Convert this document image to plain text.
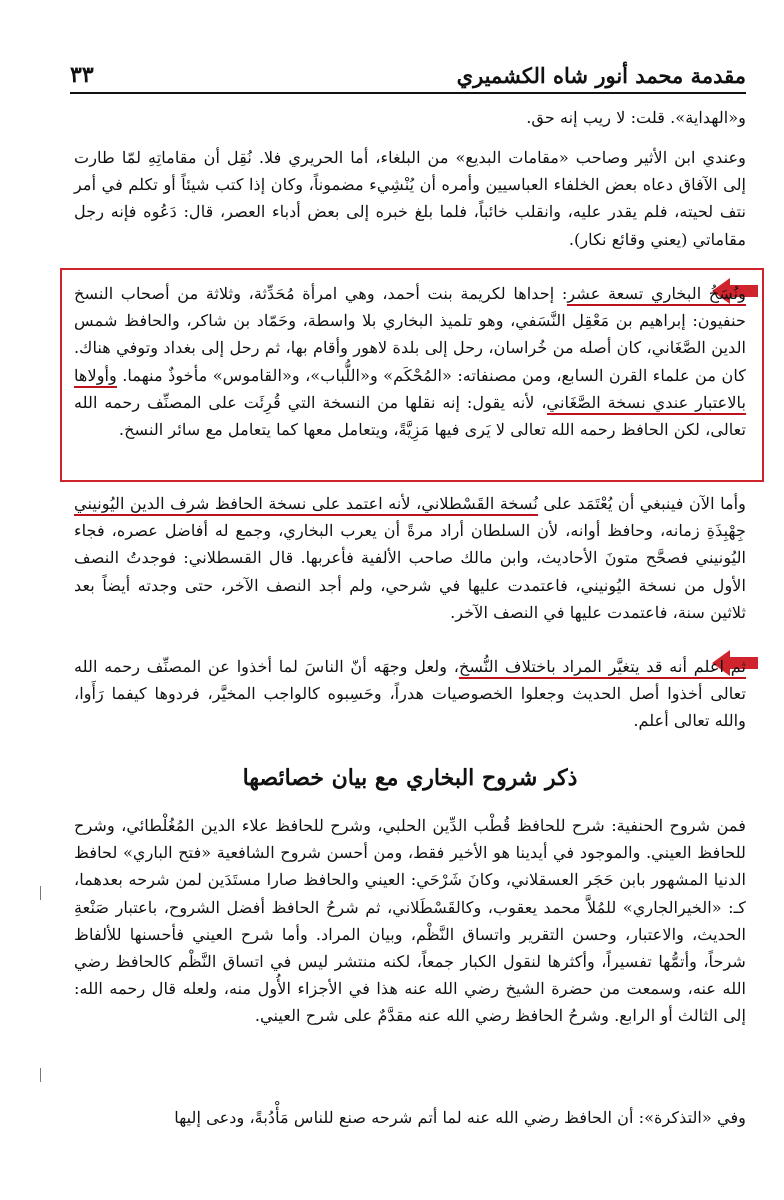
مقدمة محمد أنور شاه الكشميري
٣٣

و«الهداية». قلت: لا ريب إنه حق.

وعندي ابن الأثير وصاحب «مقامات البديع» من البلغاء، أما الحريري فلا. نُقِل أن مقاماتِهِ لمّا طارت إلى الآفاق دعاه بعض الخلفاء العباسيين وأمره أن يُنْشِيء مضموناً، وكان إذا كتب شيئاً أو تكلم في أمر نتف لحيته، فلم يقدر عليه، وانقلب خائباً، فلما بلغ خبره إلى بعض أدباء العصر، قال: دَعُوه فإنه رجل مقاماتي (يعني وقائع نكار).

ونُسَخُ البخاري تسعة عشر: إحداها لكريمة بنت أحمد، وهي امرأة مُحَدِّثة، وثلاثة من أصحاب النسخ حنفيون: إبراهيم بن مَعْقِل النَّسَفي، وهو تلميذ البخاري بلا واسطة، وحَمّاد بن شاكر، والحافظ شمس الدين الصَّغَاني، كان أصله من خُراسان، رحل إلى بلدة لاهور وأقام بها، ثم رحل إلى بغداد وتوفي هناك. كان من علماء القرن السابع، ومن مصنفاته: «المُحْكَم» و«اللُّباب»، و«القاموس» مأخوذٌ منهما. وأولاها بالاعتبار عندي نسخة الصَّغَاني، لأنه يقول: إنه نقلها من النسخة التي قُرِئَت على المصنِّف رحمه الله تعالى، لكن الحافظ رحمه الله تعالى لا يَرى فيها مَزِيَّةً، ويتعامل معها كما يتعامل مع سائر النسخ.

وأما الآن فينبغي أن يُعْتَمَد على نُسخة القَسْطلاني، لأنه اعتمد على نسخة الحافظ شرف الدين اليُونيني جِهْبِذَةِ زمانه، وحافظ أوانه، لأن السلطان أراد مرةً أن يعرب البخاري، وجمع له أفاضل عصره، فجاء اليُونيني فصحَّح متونَ الأحاديث، وابن مالك صاحب الألفية فأعربها. قال القسطلاني: فوجدتُ النصف الأول من نسخة اليُونيني، فاعتمدت عليها في شرحي، ولم أجد النصف الآخر، حتى وجدته أيضاً بعد ثلاثين سنة، فاعتمدت عليها في النصف الآخر.

ثم اعلم أنه قد يتغيَّر المراد باختلاف النُّسخ، ولعل وجهَه أنّ الناسَ لما أخذوا عن المصنِّف رحمه الله تعالى أخذوا أصل الحديث وجعلوا الخصوصيات هدراً، وحَسِبوه كالواجب المخيَّر، فردوها كيفما رَأَوا، والله تعالى أعلم.

ذكر شروح البخاري مع بيان خصائصها

فمن شروح الحنفية: شرح للحافظ قُطْب الدِّين الحلبي، وشرح للحافظ علاء الدين المُغُلْطائي، وشرح للحافظ العيني. والموجود في أيدينا هو الأخير فقط، ومن أحسن شروح الشافعية «فتح الباري» لحافظ الدنيا المشهور بابن حَجَر العسقلاني، وكانَ شَرْحَي: العيني والحافظ صارا مستَدَين لمن شرحه بعدهما، كـ: «الخيرالجاري» للمُلاَّ محمد يعقوب، وكالقَسْطَلاني، ثم شرحُ الحافظ أفضل الشروح، باعتبار صَنْعةِ الحديث، والاعتبار، وحسن التقرير واتساق النَّظْم، وبيان المراد. وأما شرح العيني فأحسنها للألفاظ شرحاً، وأتمُّها تفسيراً، وأكثرها لنقول الكبار جمعاً، لكنه منتشر ليس في اتساق النَّظْم كالحافظ رضي الله عنه، وسمعت من حضرة الشيخ رضي الله عنه هذا في الأجزاء الأُول منه، ولعله قال رحمه الله: إلى الثالث أو الرابع. وشرحُ الحافظ رضي الله عنه مقدَّمٌ على شرح العيني.

وفي «التذكرة»: أن الحافظ رضي الله عنه لما أتم شرحه صنع للناس مَأْدُبةً، ودعى إليها
